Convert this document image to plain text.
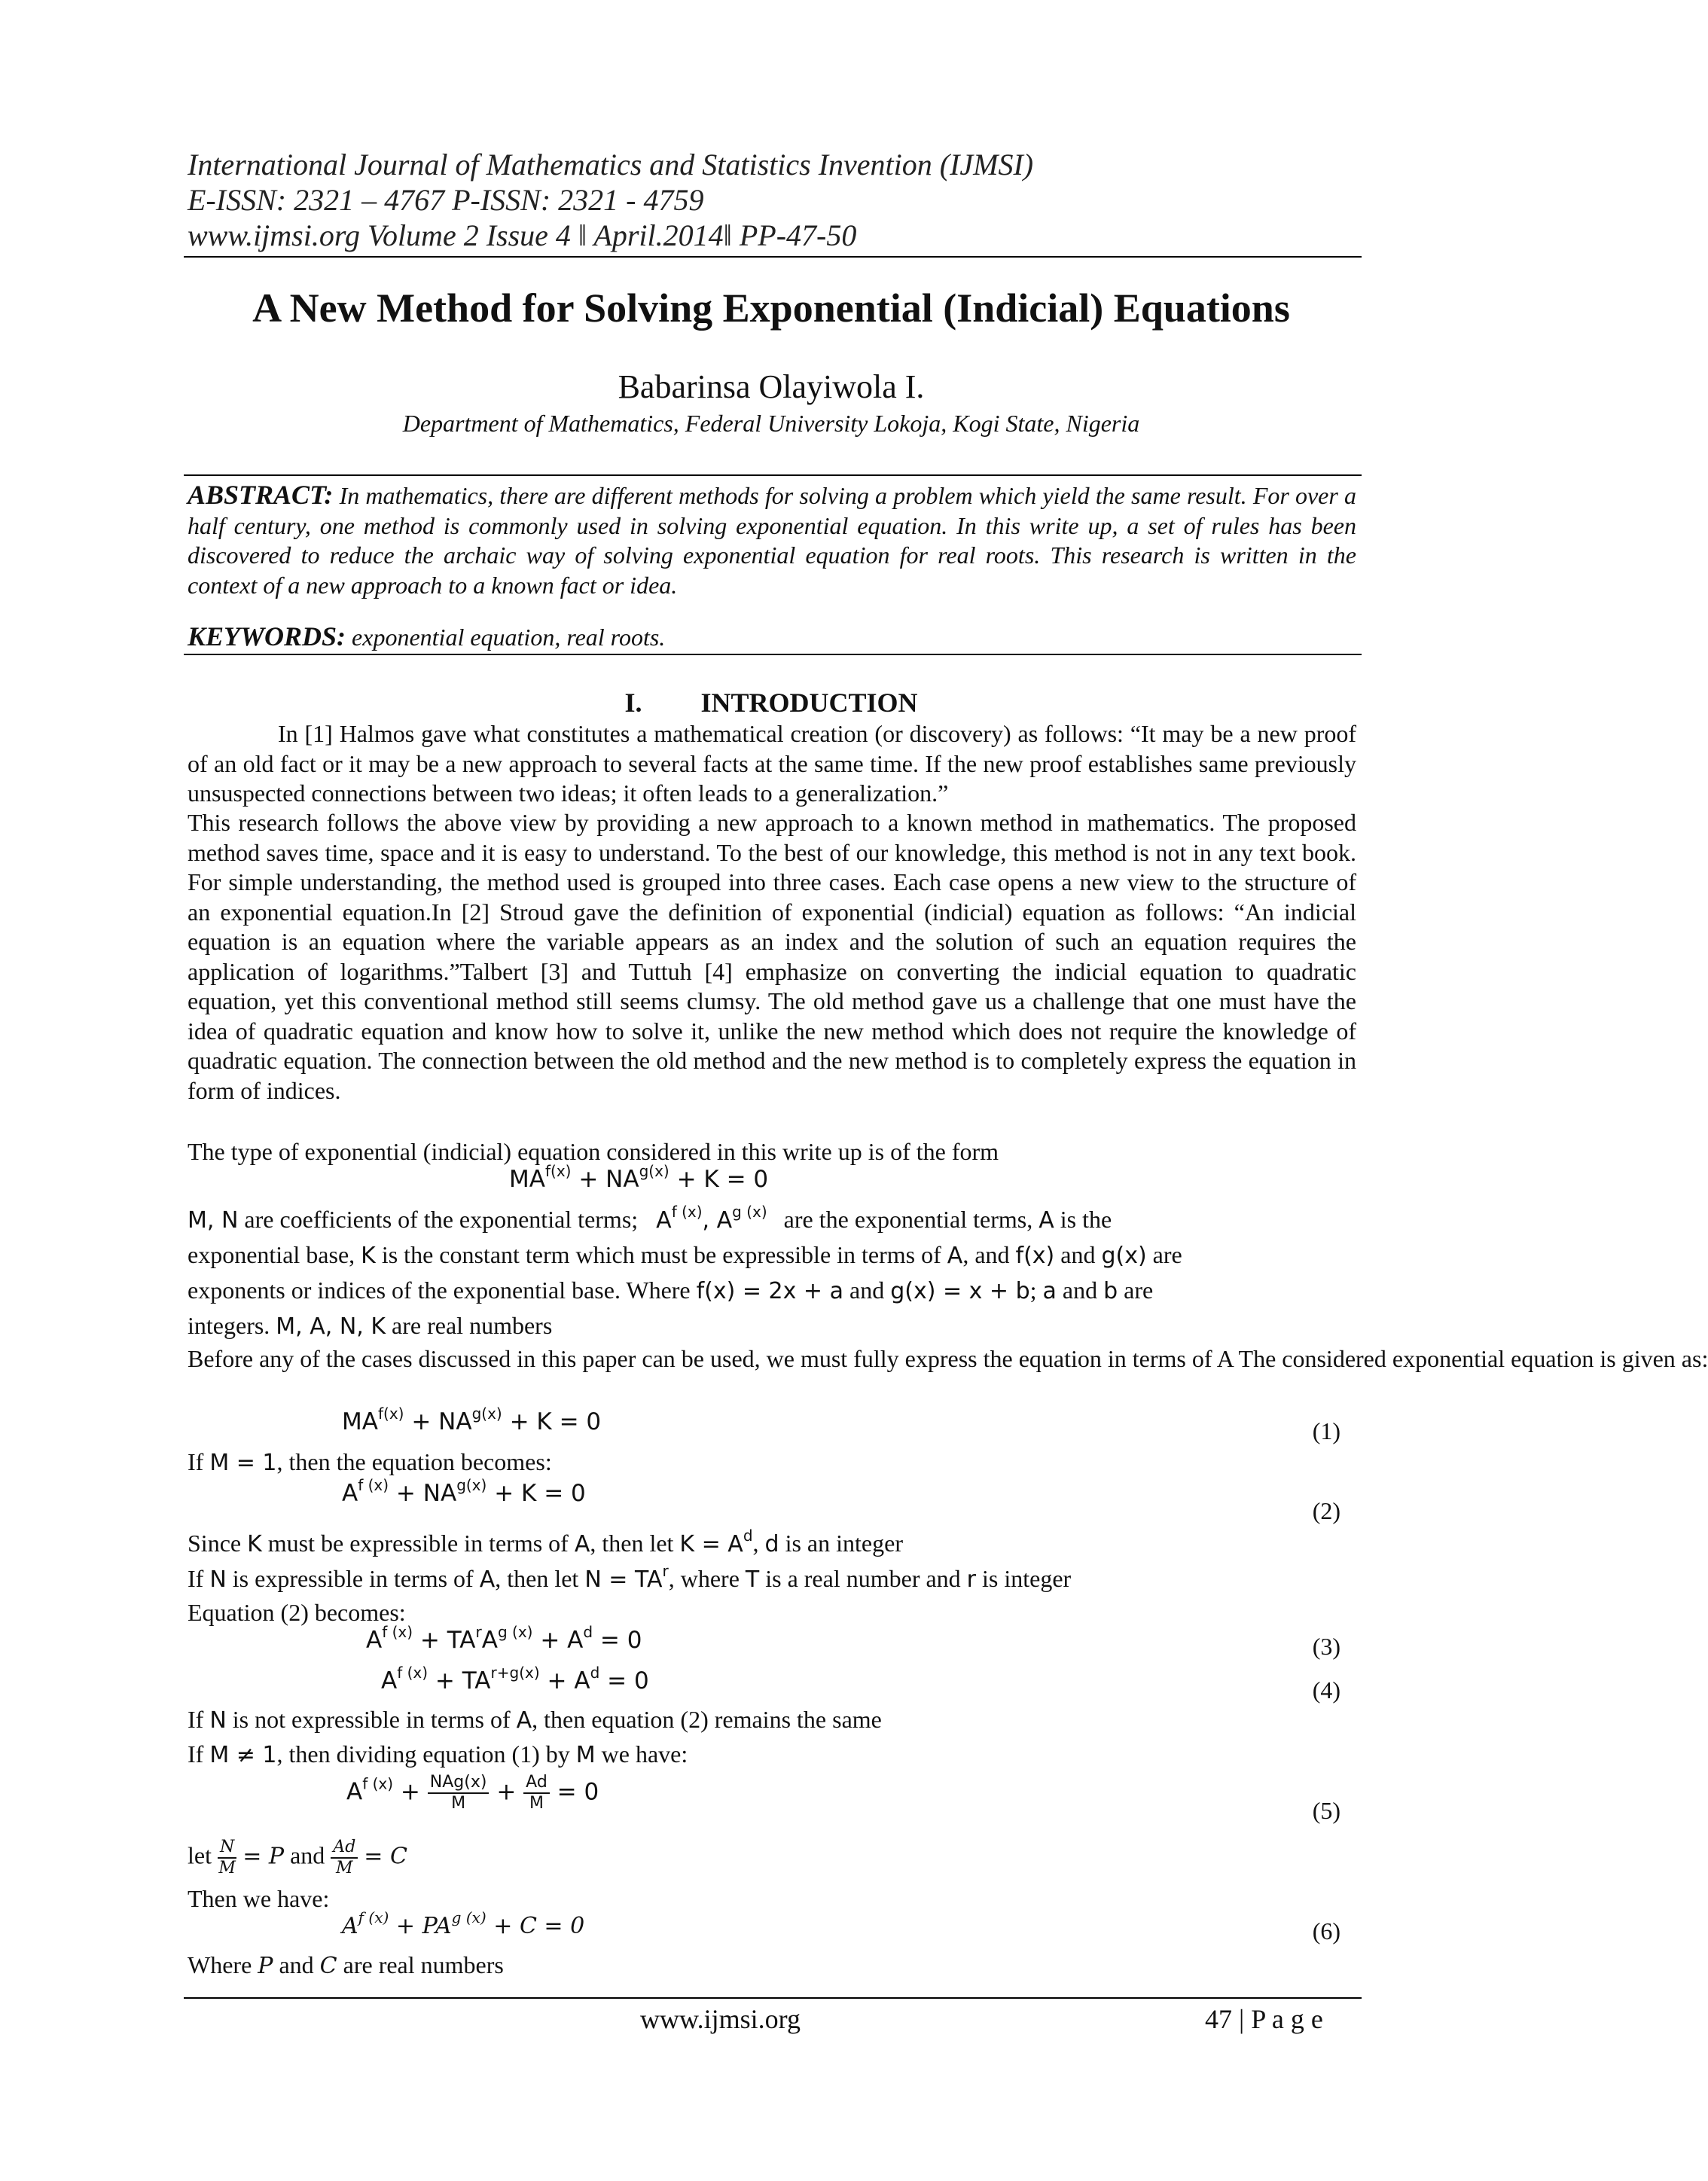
International Journal of Mathematics and Statistics Invention (IJMSI)
E-ISSN: 2321 – 4767 P-ISSN: 2321 - 4759
www.ijmsi.org Volume 2 Issue 4 ǁ April.2014ǁ PP-47-50
A New Method for Solving Exponential (Indicial) Equations
Babarinsa Olayiwola I.
Department of Mathematics, Federal University Lokoja, Kogi State, Nigeria
ABSTRACT: In mathematics, there are different methods for solving a problem which yield the same result. For over a half century, one method is commonly used in solving exponential equation. In this write up, a set of rules has been discovered to reduce the archaic way of solving exponential equation for real roots. This research is written in the context of a new approach to a known fact or idea.
KEYWORDS: exponential equation, real roots.
I. INTRODUCTION
In [1] Halmos gave what constitutes a mathematical creation (or discovery) as follows: “It may be a new proof of an old fact or it may be a new approach to several facts at the same time. If the new proof establishes same previously unsuspected connections between two ideas; it often leads to a generalization.”
This research follows the above view by providing a new approach to a known method in mathematics. The proposed method saves time, space and it is easy to understand. To the best of our knowledge, this method is not in any text book. For simple understanding, the method used is grouped into three cases. Each case opens a new view to the structure of an exponential equation.In [2] Stroud gave the definition of exponential (indicial) equation as follows: “An indicial equation is an equation where the variable appears as an index and the solution of such an equation requires the application of logarithms.”Talbert [3] and Tuttuh [4] emphasize on converting the indicial equation to quadratic equation, yet this conventional method still seems clumsy. The old method gave us a challenge that one must have the idea of quadratic equation and know how to solve it, unlike the new method which does not require the knowledge of quadratic equation. The connection between the old method and the new method is to completely express the equation in form of indices.
The type of exponential (indicial) equation considered in this write up is of the form
$MA^{f(x)} + NA^{g(x)} + K = 0$
M, N are coefficients of the exponential terms; $A^{f (x)}$, $A^{g (x)}$ are the exponential terms, A is the
exponential base, K is the constant term which must be expressible in terms of A, and f(x) and g(x) are
exponents or indices of the exponential base. Where f(x) = 2x + a and g(x) = x + b; a and b are
integers. M, A, N, K are real numbers
Before any of the cases discussed in this paper can be used, we must fully express the equation in terms of A The considered exponential equation is given as:
$MA^{f(x)} + NA^{g(x)} + K = 0$	(1)
If M = 1, then the equation becomes:
$A^{f (x)} + NA^{g(x)} + K = 0$
(2)
Since K must be expressible in terms of A, then let $K = A^d$, d is an integer
If N is expressible in terms of A, then let $N = TA^r$, where T is a real number and r is integer
Equation (2) becomes:
$A^{f (x)} + TA^rA^{g (x)} + A^d = 0$	(3)
$A^{f (x)} + TA^{r+g(x)} + A^d = 0$	(4)
If N is not expressible in terms of A, then equation (2) remains the same
If M ≠ 1, then dividing equation (1) by M we have:
$A^{f (x)} + \frac{\text{NAg(x)}}{M} + \frac{Ad}{M} = 0$
(5)
let $\frac{N}{M} = P$ and $\frac{Ad}{M} = C$
Then we have:
$A^{f (x)} + PA^{g (x)} + C = 0$	(6)
Where P and C are real numbers
www.ijmsi.org	47 | P a g e
